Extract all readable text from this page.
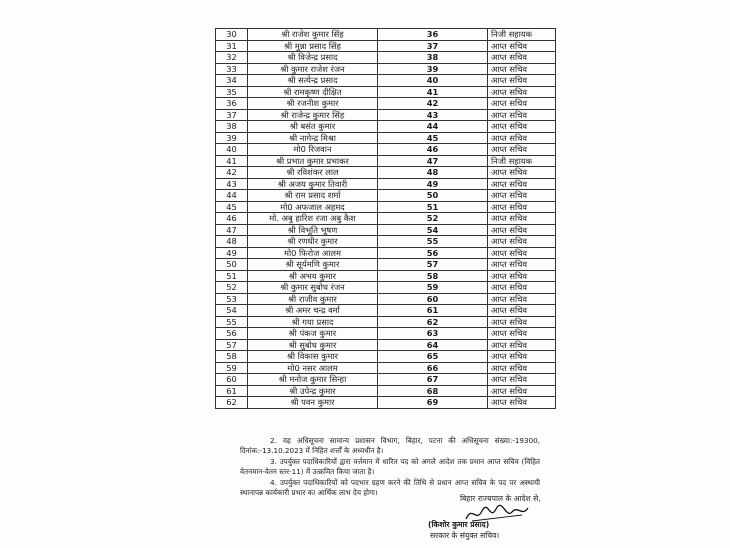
30	श्री राजेश कुमार सिंह	36	निजी सहायक
31	श्री मुन्ना प्रसाद सिंह	37	आप्त सचिव
32	श्री विजेन्द्र प्रसाद	38	आप्त सचिव
33	श्री कुमार राजेश रंजन	39	आप्त सचिव
34	श्री सत्येन्द्र प्रसाद	40	आप्त सचिव
35	श्री रामकृष्ण दीक्षित	41	आप्त सचिव
36	श्री रजनीश कुमार	42	आप्त सचिव
37	श्री राजेन्द्र कुमार सिंह	43	आप्त सचिव
38	श्री बसंत कुमार	44	आप्त सचिव
39	श्री नागेन्द्र मिश्रा	45	आप्त सचिव
40	मो0 रिजवान	46	आप्त सचिव
41	श्री प्रभात कुमार प्रभाकर	47	निजी सहायक
42	श्री रविशंकर लाल	48	आप्त सचिव
43	श्री अजय कुमार तिवारी	49	आप्त सचिव
44	श्री राम प्रसाद शर्मा	50	आप्त सचिव
45	मो0 अफजाल अहमद	51	आप्त सचिव
46	मो. अबु हारिश रजा अबु कैश	52	आप्त सचिव
47	श्री विभूति भूषण	54	आप्त सचिव
48	श्री रणधीर कुमार	55	आप्त सचिव
49	मो0 फिरोज आलम	56	आप्त सचिव
50	श्री सूर्यमणि कुमार	57	आप्त सचिव
51	श्री अभय कुमार	58	आप्त सचिव
52	श्री कुमार सुबोध रंजन	59	आप्त सचिव
53	श्री राजीव कुमार	60	आप्त सचिव
54	श्री अमर चन्द्र वर्मा	61	आप्त सचिव
55	श्री गया प्रसाद	62	आप्त सचिव
56	श्री पंकज कुमार	63	आप्त सचिव
57	श्री सुबोध कुमार	64	आप्त सचिव
58	श्री विकास कुमार	65	आप्त सचिव
59	मो0 नसर आलम	66	आप्त सचिव
60	श्री मनोज कुमार सिन्हा	67	आप्त सचिव
61	श्री उपेन्द्र कुमार	68	आप्त सचिव
62	श्री पवन कुमार	69	आप्त सचिव

2. यह अधिसूचना सामान्य प्रशासन विभाग, बिहार, पटना की अधिसूचना संख्या:-19300, दिनांक:-13.10.2023 में निहित शर्त्तों के अध्यधीन है।

3. उपर्युक्त पदाधिकारियों द्वारा वर्त्तमान में धारित पद को अगले आदेश तक प्रधान आप्त सचिव (विहित वेतनमान-वेतन स्तर-11) में उत्क्रमित किया जाता है।

4. उपर्युक्त पदाधिकारियों को पदभार ग्रहण करने की तिथि से प्रधान आप्त सचिव के पद पर अस्थायी स्थानापन्न कार्यकारी प्रभार का आर्थिक लाभ देय होगा।

बिहार राज्यपाल के आदेश से,
(किशोर कुमार प्रसाद)
सरकार के संयुक्त सचिव।
